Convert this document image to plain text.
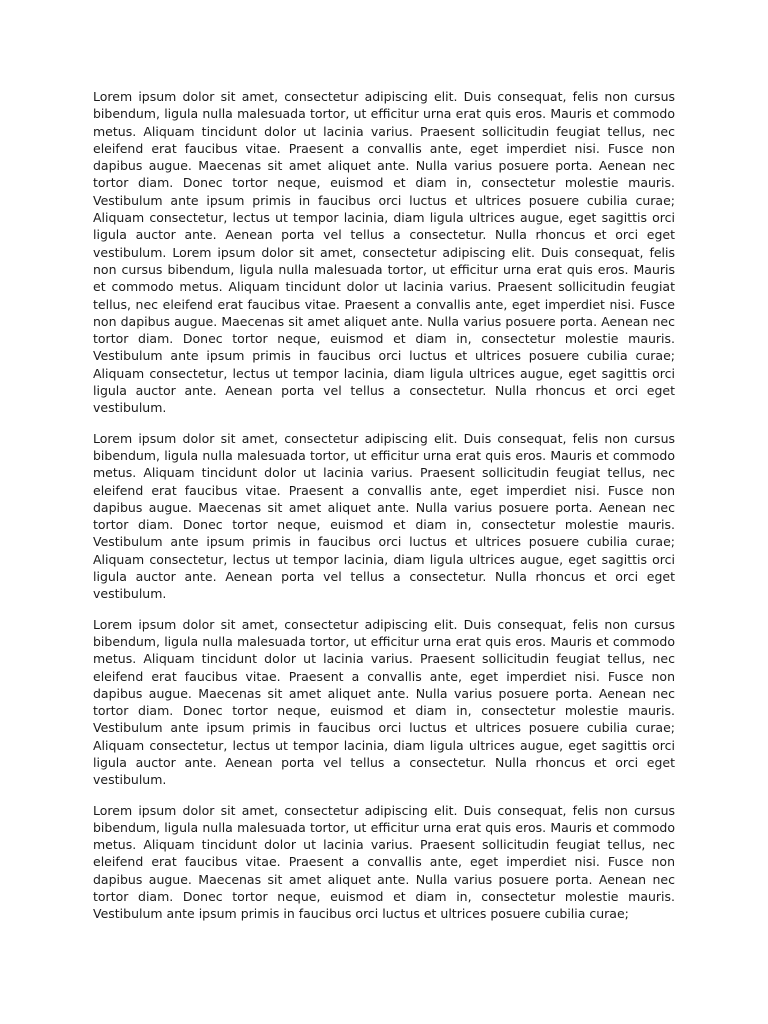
Lorem ipsum dolor sit amet, consectetur adipiscing elit. Duis consequat, felis non cursus bibendum, ligula nulla malesuada tortor, ut efficitur urna erat quis eros. Mauris et commodo metus. Aliquam tincidunt dolor ut lacinia varius. Praesent sollicitudin feugiat tellus, nec eleifend erat faucibus vitae. Praesent a convallis ante, eget imperdiet nisi. Fusce non dapibus augue. Maecenas sit amet aliquet ante. Nulla varius posuere porta. Aenean nec tortor diam. Donec tortor neque, euismod et diam in, consectetur molestie mauris. Vestibulum ante ipsum primis in faucibus orci luctus et ultrices posuere cubilia curae; Aliquam consectetur, lectus ut tempor lacinia, diam ligula ultrices augue, eget sagittis orci ligula auctor ante. Aenean porta vel tellus a consectetur. Nulla rhoncus et orci eget vestibulum. Lorem ipsum dolor sit amet, consectetur adipiscing elit. Duis consequat, felis non cursus bibendum, ligula nulla malesuada tortor, ut efficitur urna erat quis eros. Mauris et commodo metus. Aliquam tincidunt dolor ut lacinia varius. Praesent sollicitudin feugiat tellus, nec eleifend erat faucibus vitae. Praesent a convallis ante, eget imperdiet nisi. Fusce non dapibus augue. Maecenas sit amet aliquet ante. Nulla varius posuere porta. Aenean nec tortor diam. Donec tortor neque, euismod et diam in, consectetur molestie mauris. Vestibulum ante ipsum primis in faucibus orci luctus et ultrices posuere cubilia curae; Aliquam consectetur, lectus ut tempor lacinia, diam ligula ultrices augue, eget sagittis orci ligula auctor ante. Aenean porta vel tellus a consectetur. Nulla rhoncus et orci eget vestibulum.

Lorem ipsum dolor sit amet, consectetur adipiscing elit. Duis consequat, felis non cursus bibendum, ligula nulla malesuada tortor, ut efficitur urna erat quis eros. Mauris et commodo metus. Aliquam tincidunt dolor ut lacinia varius. Praesent sollicitudin feugiat tellus, nec eleifend erat faucibus vitae. Praesent a convallis ante, eget imperdiet nisi. Fusce non dapibus augue. Maecenas sit amet aliquet ante. Nulla varius posuere porta. Aenean nec tortor diam. Donec tortor neque, euismod et diam in, consectetur molestie mauris. Vestibulum ante ipsum primis in faucibus orci luctus et ultrices posuere cubilia curae; Aliquam consectetur, lectus ut tempor lacinia, diam ligula ultrices augue, eget sagittis orci ligula auctor ante. Aenean porta vel tellus a consectetur. Nulla rhoncus et orci eget vestibulum.

Lorem ipsum dolor sit amet, consectetur adipiscing elit. Duis consequat, felis non cursus bibendum, ligula nulla malesuada tortor, ut efficitur urna erat quis eros. Mauris et commodo metus. Aliquam tincidunt dolor ut lacinia varius. Praesent sollicitudin feugiat tellus, nec eleifend erat faucibus vitae. Praesent a convallis ante, eget imperdiet nisi. Fusce non dapibus augue. Maecenas sit amet aliquet ante. Nulla varius posuere porta. Aenean nec tortor diam. Donec tortor neque, euismod et diam in, consectetur molestie mauris. Vestibulum ante ipsum primis in faucibus orci luctus et ultrices posuere cubilia curae; Aliquam consectetur, lectus ut tempor lacinia, diam ligula ultrices augue, eget sagittis orci ligula auctor ante. Aenean porta vel tellus a consectetur. Nulla rhoncus et orci eget vestibulum.

Lorem ipsum dolor sit amet, consectetur adipiscing elit. Duis consequat, felis non cursus bibendum, ligula nulla malesuada tortor, ut efficitur urna erat quis eros. Mauris et commodo metus. Aliquam tincidunt dolor ut lacinia varius. Praesent sollicitudin feugiat tellus, nec eleifend erat faucibus vitae. Praesent a convallis ante, eget imperdiet nisi. Fusce non dapibus augue. Maecenas sit amet aliquet ante. Nulla varius posuere porta. Aenean nec tortor diam. Donec tortor neque, euismod et diam in, consectetur molestie mauris. Vestibulum ante ipsum primis in faucibus orci luctus et ultrices posuere cubilia curae;
